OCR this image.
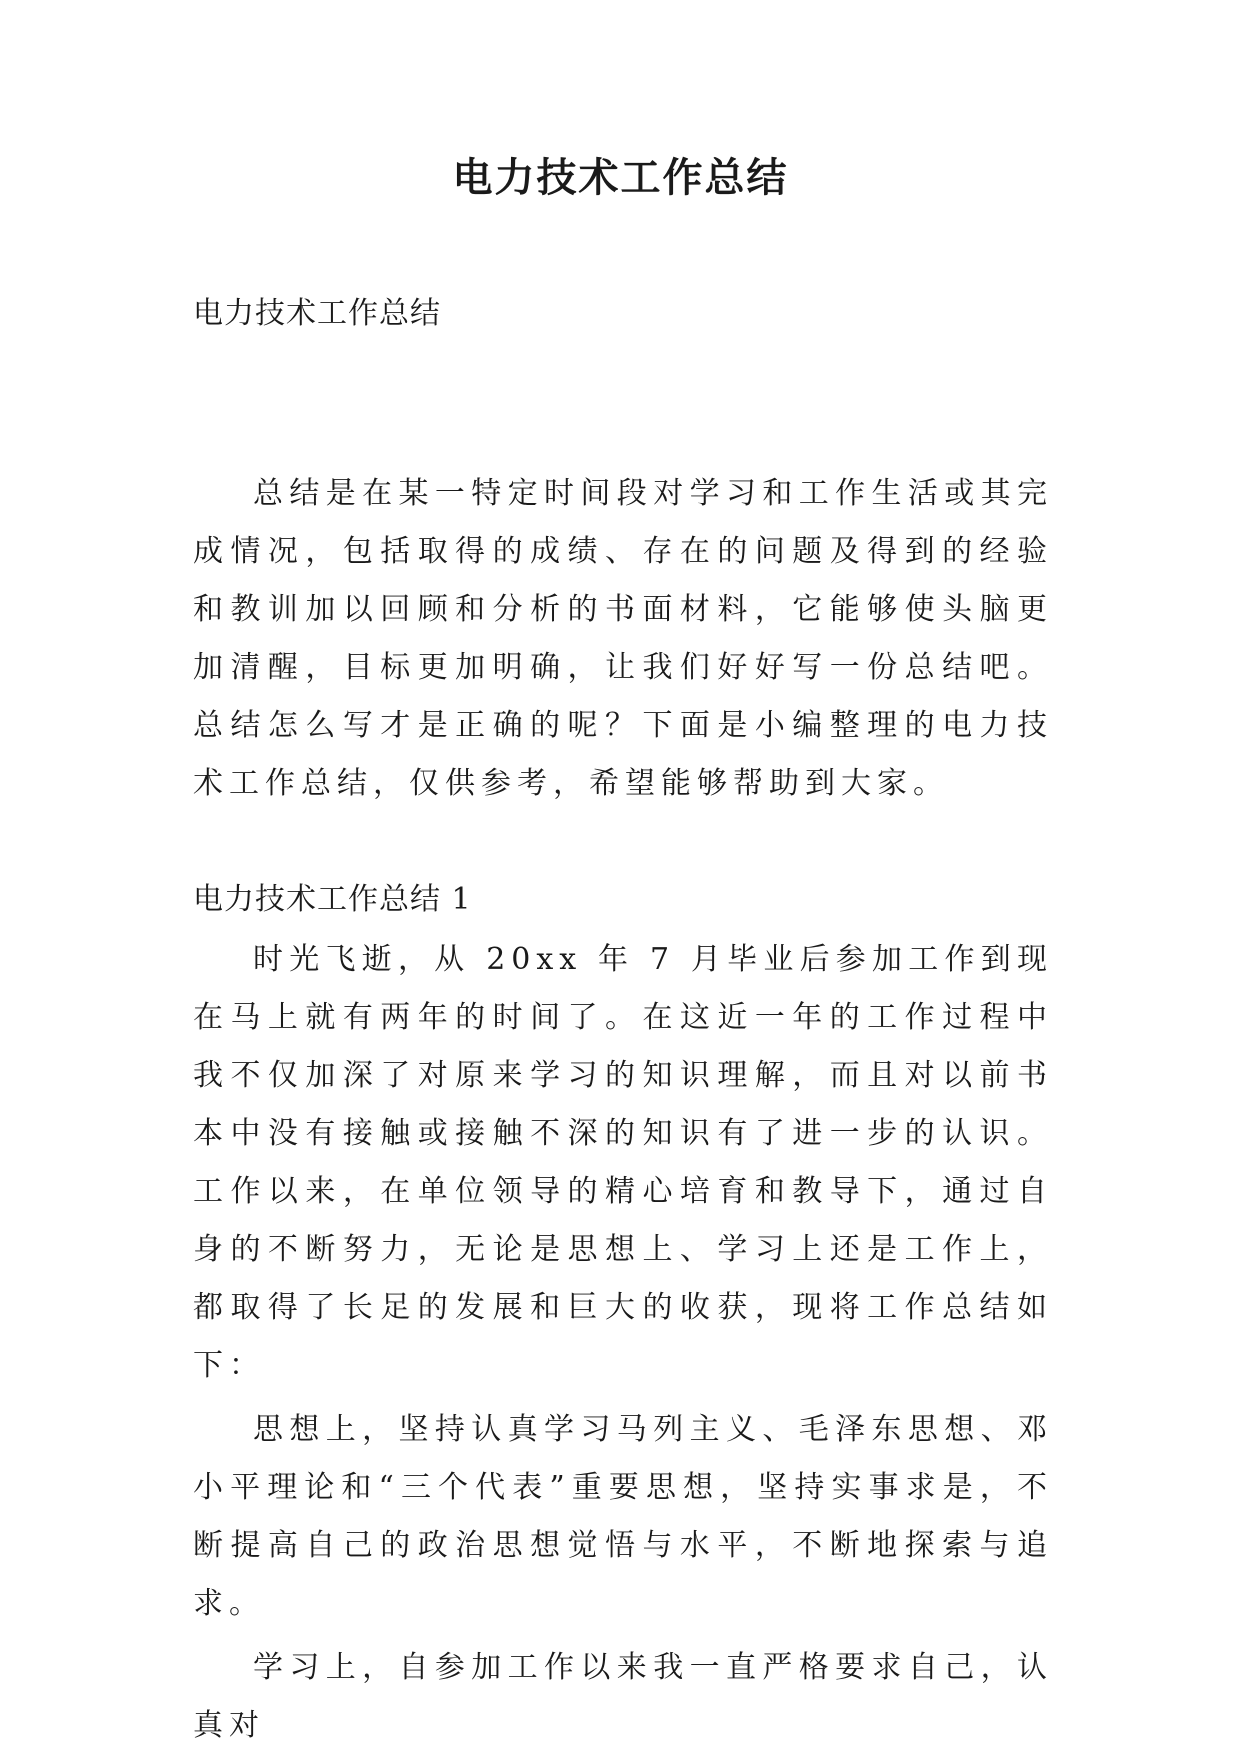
电力技术工作总结
电力技术工作总结

总结是在某一特定时间段对学习和工作生活或其完成情况，包括取得的成绩、存在的问题及得到的经验和教训加以回顾和分析的书面材料，它能够使头脑更加清醒，目标更加明确，让我们好好写一份总结吧。总结怎么写才是正确的呢？下面是小编整理的电力技术工作总结，仅供参考，希望能够帮助到大家。

电力技术工作总结 1

时光飞逝，从 20xx 年 7 月毕业后参加工作到现在马上就有两年的时间了。在这近一年的工作过程中我不仅加深了对原来学习的知识理解，而且对以前书本中没有接触或接触不深的知识有了进一步的认识。工作以来，在单位领导的精心培育和教导下，通过自身的不断努力，无论是思想上、学习上还是工作上，都取得了长足的发展和巨大的收获，现将工作总结如下：

思想上，坚持认真学习马列主义、毛泽东思想、邓小平理论和“三个代表”重要思想，坚持实事求是，不断提高自己的政治思想觉悟与水平，不断地探索与追求。

学习上，自参加工作以来我一直严格要求自己，认真对
